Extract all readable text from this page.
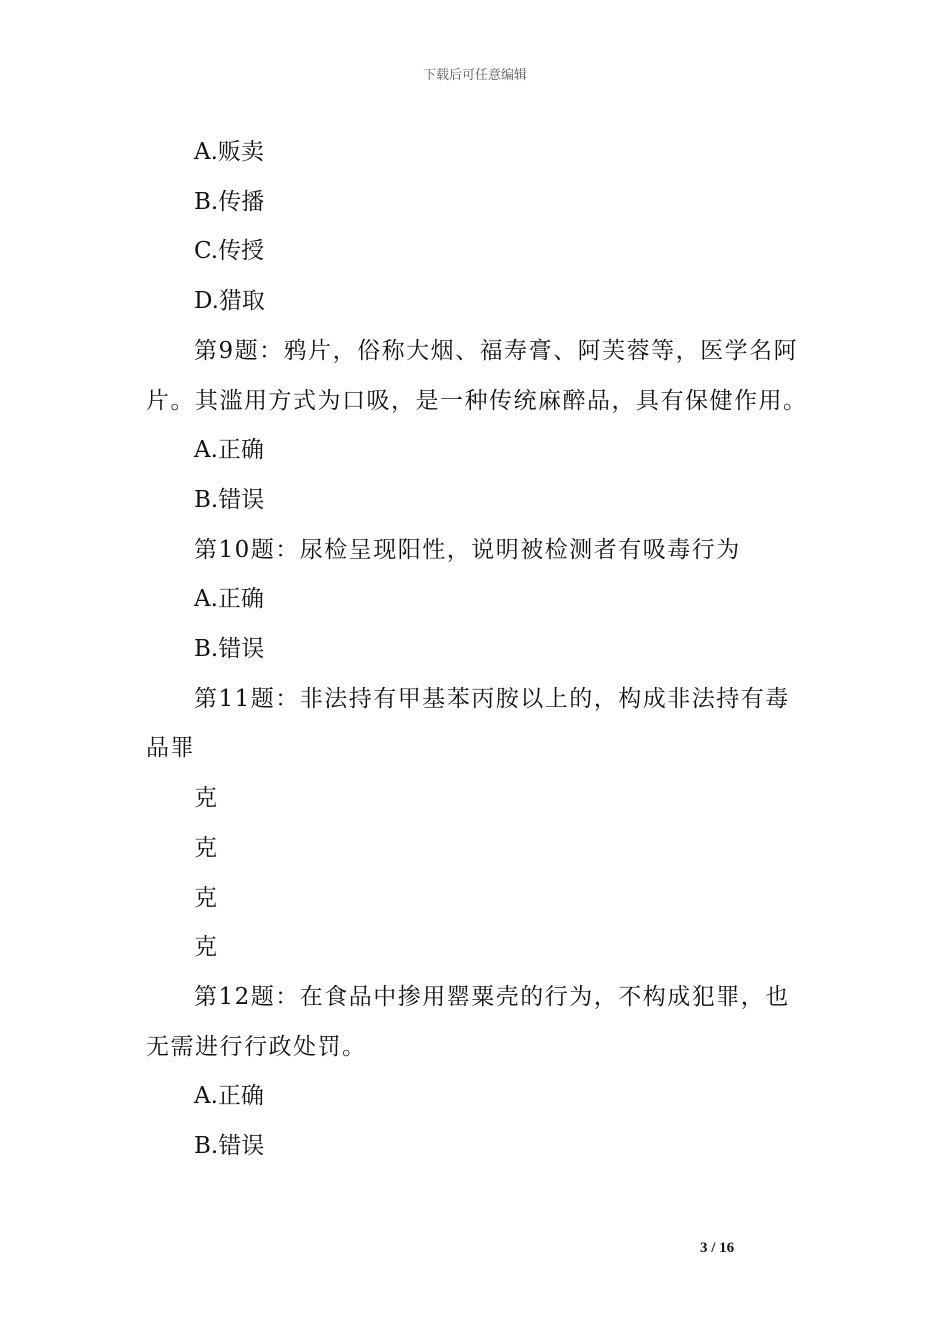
下载后可任意编辑

A.贩卖

B.传播

C.传授

D.猎取

第9题：鸦片，俗称大烟、福寿膏、阿芙蓉等，医学名阿片。其滥用方式为口吸，是一种传统麻醉品，具有保健作用。

A.正确

B.错误

第10题：尿检呈现阳性，说明被检测者有吸毒行为

A.正确

B.错误

第11题：非法持有甲基苯丙胺以上的，构成非法持有毒品罪

克

克

克

克

第12题：在食品中掺用罂粟壳的行为，不构成犯罪，也无需进行行政处罚。

A.正确

B.错误

3 / 16
